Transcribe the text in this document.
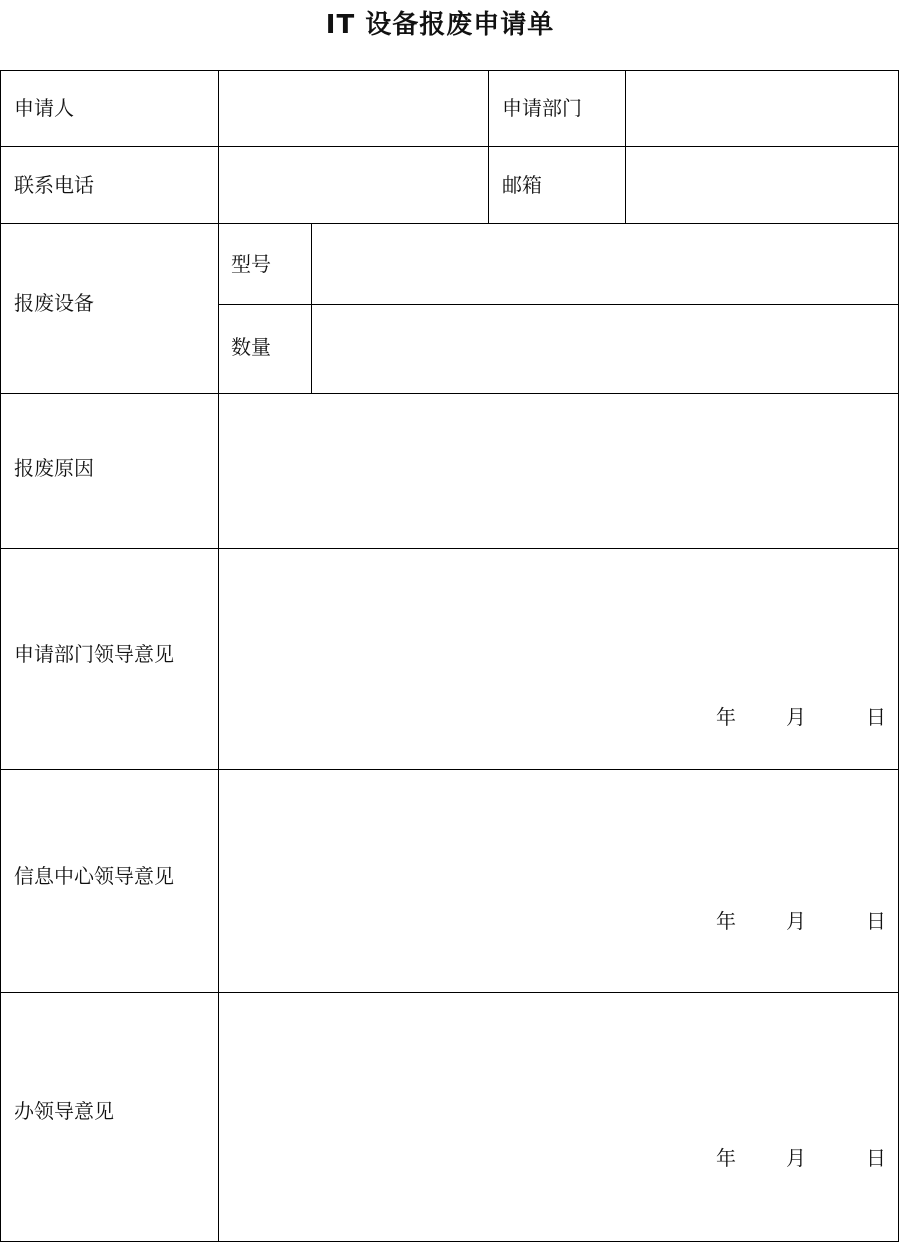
IT 设备报废申请单
申请人	申请部门
联系电话	邮箱
报废设备
型号
数量
报废原因
申请部门领导意见
年	月	日
信息中心领导意见
年	月	日
办领导意见
年	月	日
